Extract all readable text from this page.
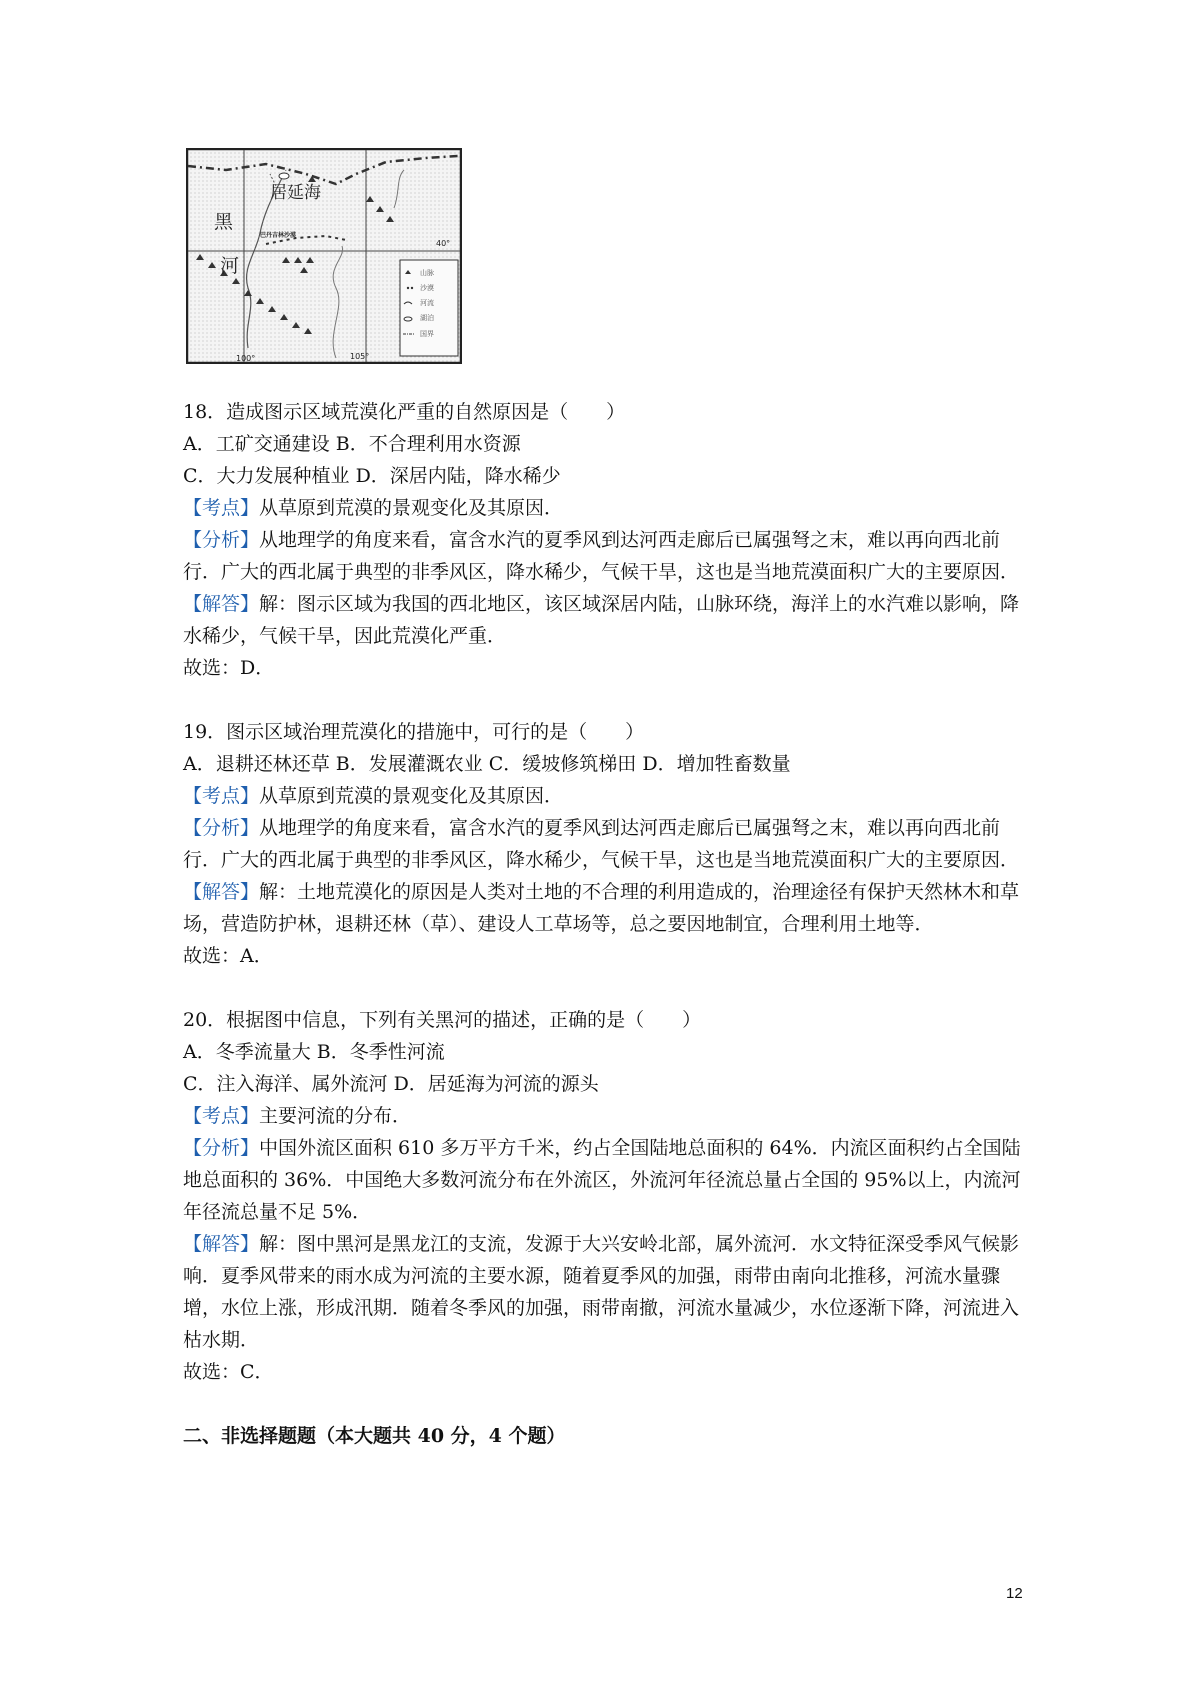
居延海
黑
河
巴丹吉林沙漠
40°
100°	105°
山脉
沙漠
河流
湖泊
国界
18．造成图示区域荒漠化严重的自然原因是（　　）
A．工矿交通建设 B．不合理利用水资源
C．大力发展种植业 D．深居内陆，降水稀少
【考点】从草原到荒漠的景观变化及其原因．
【分析】从地理学的角度来看，富含水汽的夏季风到达河西走廊后已属强弩之末，难以再向西北前行．广大的西北属于典型的非季风区，降水稀少，气候干旱，这也是当地荒漠面积广大的主要原因．
【解答】解：图示区域为我国的西北地区，该区域深居内陆，山脉环绕，海洋上的水汽难以影响，降水稀少，气候干旱，因此荒漠化严重．
故选：D．
19．图示区域治理荒漠化的措施中，可行的是（　　）
A．退耕还林还草 B．发展灌溉农业 C．缓坡修筑梯田 D．增加牲畜数量
【考点】从草原到荒漠的景观变化及其原因．
【分析】从地理学的角度来看，富含水汽的夏季风到达河西走廊后已属强弩之末，难以再向西北前行．广大的西北属于典型的非季风区，降水稀少，气候干旱，这也是当地荒漠面积广大的主要原因．
【解答】解：土地荒漠化的原因是人类对土地的不合理的利用造成的，治理途径有保护天然林木和草场，营造防护林，退耕还林（草）、建设人工草场等，总之要因地制宜，合理利用土地等．
故选：A．
20．根据图中信息，下列有关黑河的描述，正确的是（　　）
A．冬季流量大 B．冬季性河流
C．注入海洋、属外流河 D．居延海为河流的源头
【考点】主要河流的分布．
【分析】中国外流区面积 610 多万平方千米，约占全国陆地总面积的 64%．内流区面积约占全国陆地总面积的 36%．中国绝大多数河流分布在外流区，外流河年径流总量占全国的 95%以上，内流河年径流总量不足 5%．
【解答】解：图中黑河是黑龙江的支流，发源于大兴安岭北部，属外流河．水文特征深受季风气候影响．夏季风带来的雨水成为河流的主要水源，随着夏季风的加强，雨带由南向北推移，河流水量骤增，水位上涨，形成汛期．随着冬季风的加强，雨带南撤，河流水量减少，水位逐渐下降，河流进入枯水期．
故选：C．
二、非选择题题（本大题共 40 分，4 个题）
12
